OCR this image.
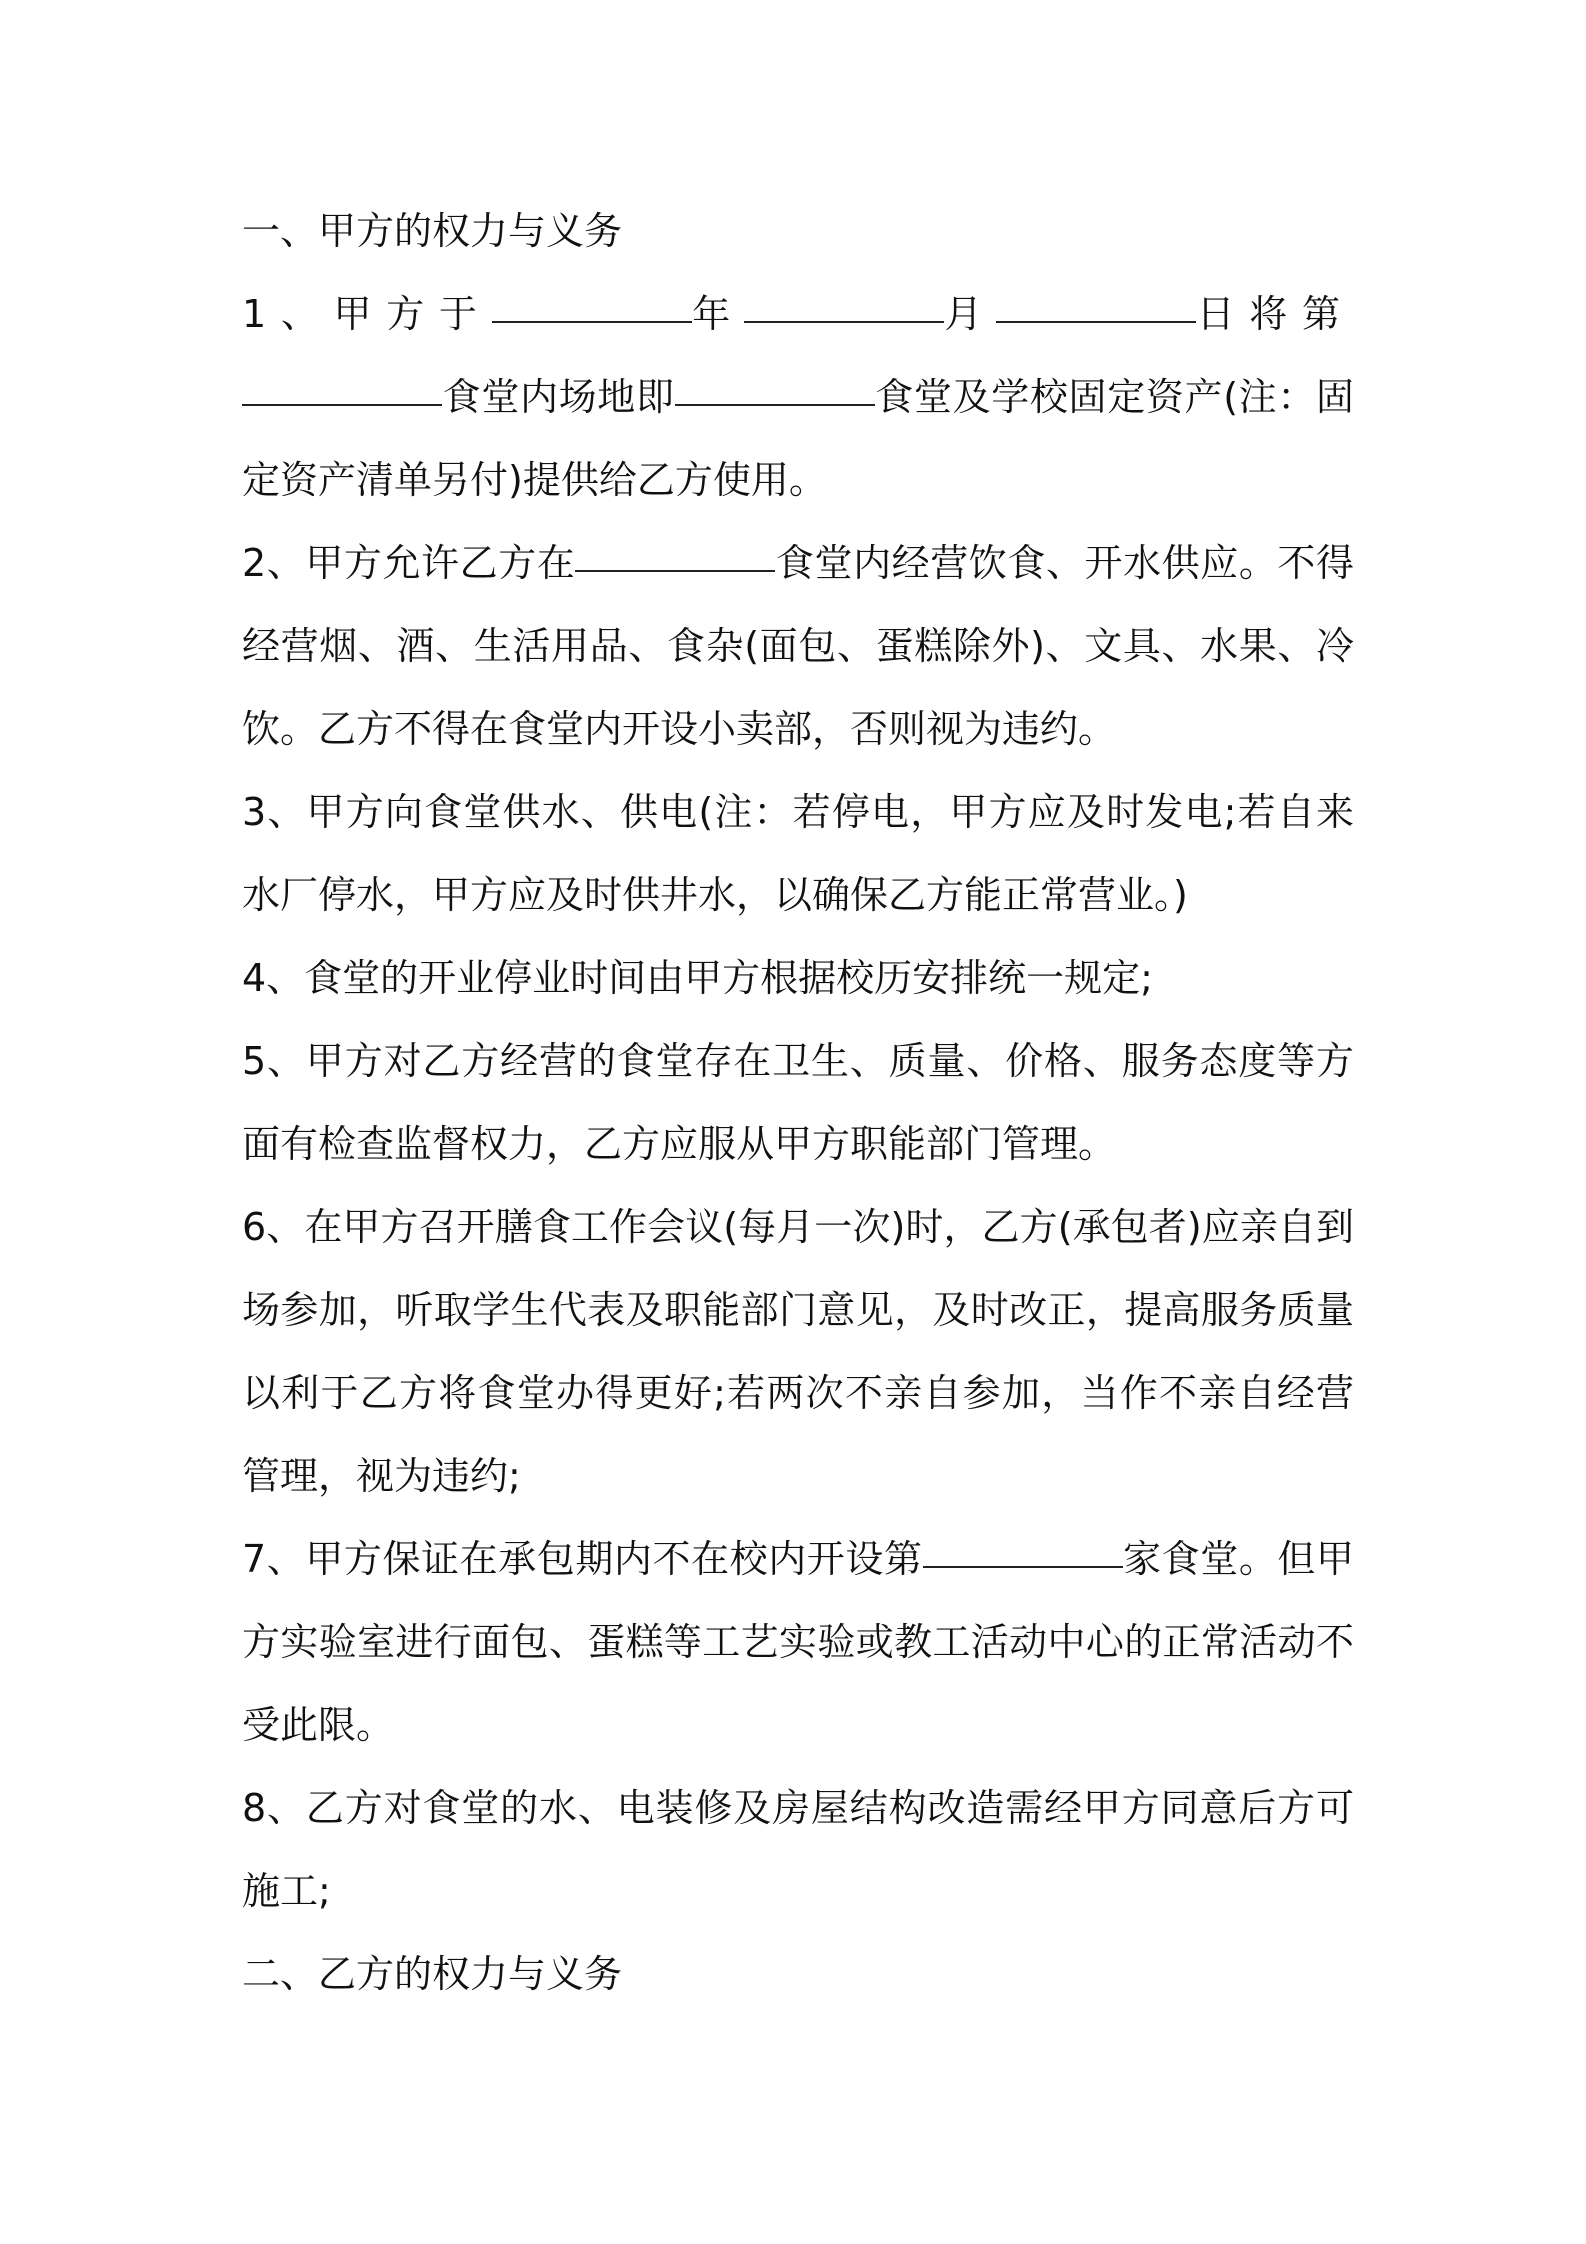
一、甲方的权力与义务

1、甲方于	年	月	日将第食堂内场地即	食堂及学校固定资产(注：固定资产清单另付)提供给乙方使用。

2、甲方允许乙方在	食堂内经营饮食、开水供应。不得经营烟、酒、生活用品、食杂(面包、蛋糕除外)、文具、水果、冷饮。乙方不得在食堂内开设小卖部，否则视为违约。

3、甲方向食堂供水、供电(注：若停电，甲方应及时发电;若自来水厂停水，甲方应及时供井水，以确保乙方能正常营业。)

4、食堂的开业停业时间由甲方根据校历安排统一规定;

5、甲方对乙方经营的食堂存在卫生、质量、价格、服务态度等方面有检查监督权力，乙方应服从甲方职能部门管理。

6、在甲方召开膳食工作会议(每月一次)时，乙方(承包者)应亲自到场参加，听取学生代表及职能部门意见，及时改正，提高服务质量以利于乙方将食堂办得更好;若两次不亲自参加，当作不亲自经营管理，视为违约;

7、甲方保证在承包期内不在校内开设第	家食堂。但甲方实验室进行面包、蛋糕等工艺实验或教工活动中心的正常活动不受此限。

8、乙方对食堂的水、电装修及房屋结构改造需经甲方同意后方可施工;

二、乙方的权力与义务
